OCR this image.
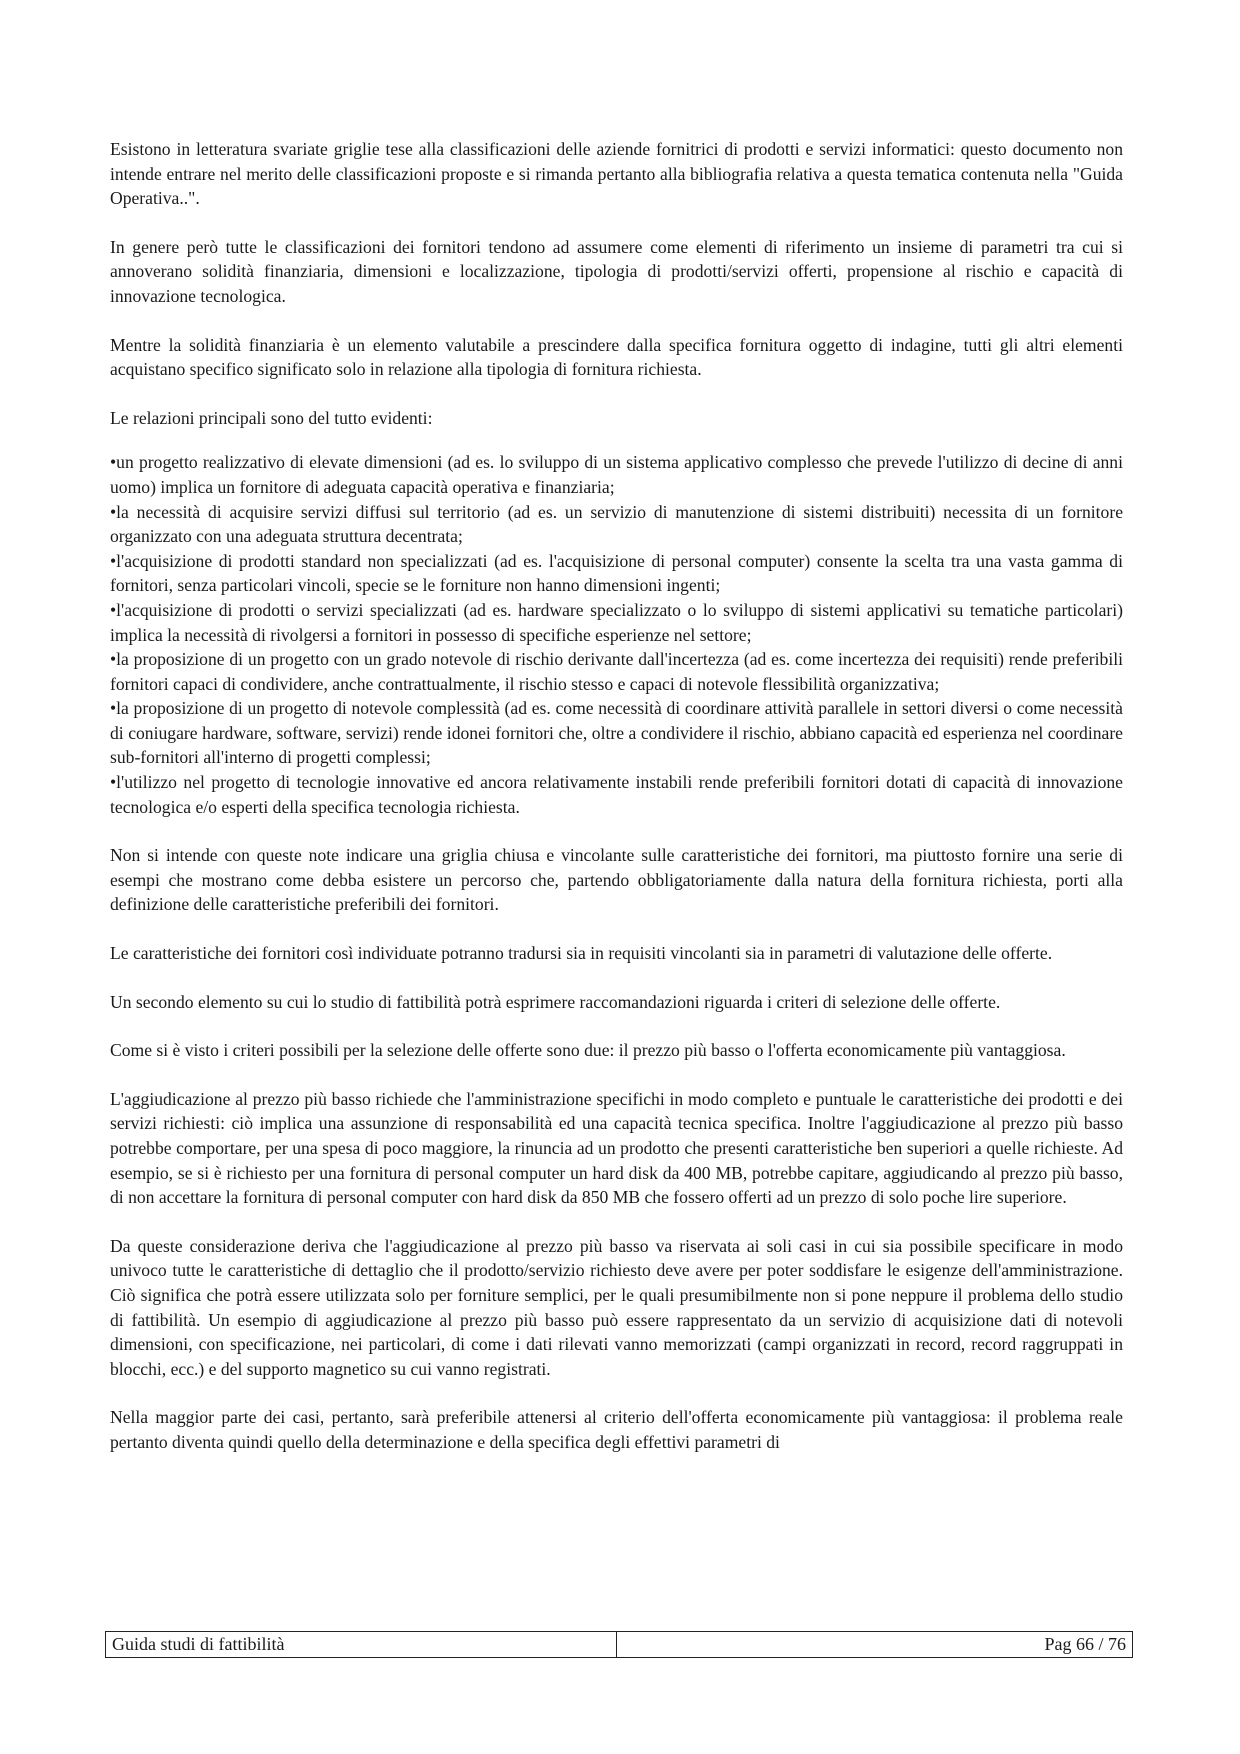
Esistono in letteratura svariate griglie tese alla classificazioni delle aziende fornitrici di prodotti e servizi informatici: questo documento non intende entrare nel merito delle classificazioni proposte e si rimanda pertanto alla bibliografia relativa a questa tematica contenuta nella "Guida Operativa..".

In genere però tutte le classificazioni dei fornitori tendono ad assumere come elementi di riferimento un insieme di parametri tra cui si annoverano solidità finanziaria, dimensioni e localizzazione, tipologia di prodotti/servizi offerti, propensione al rischio e capacità di innovazione tecnologica.

Mentre la solidità finanziaria è un elemento valutabile a prescindere dalla specifica fornitura oggetto di indagine, tutti gli altri elementi acquistano specifico significato solo in relazione alla tipologia di fornitura richiesta.

Le relazioni principali sono del tutto evidenti:

•un progetto realizzativo di elevate dimensioni (ad es. lo sviluppo di un sistema applicativo complesso che prevede l'utilizzo di decine di anni uomo) implica un fornitore di adeguata capacità operativa e finanziaria;

•la necessità di acquisire servizi diffusi sul territorio (ad es. un servizio di manutenzione di sistemi distribuiti) necessita di un fornitore organizzato con una adeguata struttura decentrata;

•l'acquisizione di prodotti standard non specializzati (ad es. l'acquisizione di personal computer) consente la scelta tra una vasta gamma di fornitori, senza particolari vincoli, specie se le forniture non hanno dimensioni ingenti;

•l'acquisizione di prodotti o servizi specializzati (ad es. hardware specializzato o lo sviluppo di sistemi applicativi su tematiche particolari) implica la necessità di rivolgersi a fornitori in possesso di specifiche esperienze nel settore;

•la proposizione di un progetto con un grado notevole di rischio derivante dall'incertezza (ad es. come incertezza dei requisiti) rende preferibili fornitori capaci di condividere, anche contrattualmente, il rischio stesso e capaci di notevole flessibilità organizzativa;

•la proposizione di un progetto di notevole complessità (ad es. come necessità di coordinare attività parallele in settori diversi o come necessità di coniugare hardware, software, servizi) rende idonei fornitori che, oltre a condividere il rischio, abbiano capacità ed esperienza nel coordinare sub-fornitori all'interno di progetti complessi;

•l'utilizzo nel progetto di tecnologie innovative ed ancora relativamente instabili rende preferibili fornitori dotati di capacità di innovazione tecnologica e/o esperti della specifica tecnologia richiesta.

Non si intende con queste note indicare una griglia chiusa e vincolante sulle caratteristiche dei fornitori, ma piuttosto fornire una serie di esempi che mostrano come debba esistere un percorso che, partendo obbligatoriamente dalla natura della fornitura richiesta, porti alla definizione delle caratteristiche preferibili dei fornitori.

Le caratteristiche dei fornitori così individuate potranno tradursi sia in requisiti vincolanti sia in parametri di valutazione delle offerte.

Un secondo elemento su cui lo studio di fattibilità potrà esprimere raccomandazioni riguarda i criteri di selezione delle offerte.

Come si è visto i criteri possibili per la selezione delle offerte sono due: il prezzo più basso o l'offerta economicamente più vantaggiosa.

L'aggiudicazione al prezzo più basso richiede che l'amministrazione specifichi in modo completo e puntuale le caratteristiche dei prodotti e dei servizi richiesti: ciò implica una assunzione di responsabilità ed una capacità tecnica specifica. Inoltre l'aggiudicazione al prezzo più basso potrebbe comportare, per una spesa di poco maggiore, la rinuncia ad un prodotto che presenti caratteristiche ben superiori a quelle richieste. Ad esempio, se si è richiesto per una fornitura di personal computer un hard disk da 400 MB, potrebbe capitare, aggiudicando al prezzo più basso, di non accettare la fornitura di personal computer con hard disk da 850 MB che fossero offerti ad un prezzo di solo poche lire superiore.

Da queste considerazione deriva che l'aggiudicazione al prezzo più basso va riservata ai soli casi in cui sia possibile specificare in modo univoco tutte le caratteristiche di dettaglio che il prodotto/servizio richiesto deve avere per poter soddisfare le esigenze dell'amministrazione. Ciò significa che potrà essere utilizzata solo per forniture semplici, per le quali presumibilmente non si pone neppure il problema dello studio di fattibilità. Un esempio di aggiudicazione al prezzo più basso può essere rappresentato da un servizio di acquisizione dati di notevoli dimensioni, con specificazione, nei particolari, di come i dati rilevati vanno memorizzati (campi organizzati in record, record raggruppati in blocchi, ecc.) e del supporto magnetico su cui vanno registrati.

Nella maggior parte dei casi, pertanto, sarà preferibile attenersi al criterio dell'offerta economicamente più vantaggiosa: il problema reale pertanto diventa quindi quello della determinazione e della specifica degli effettivi parametri di

Guida studi di fattibilità	Pag 66 / 76
